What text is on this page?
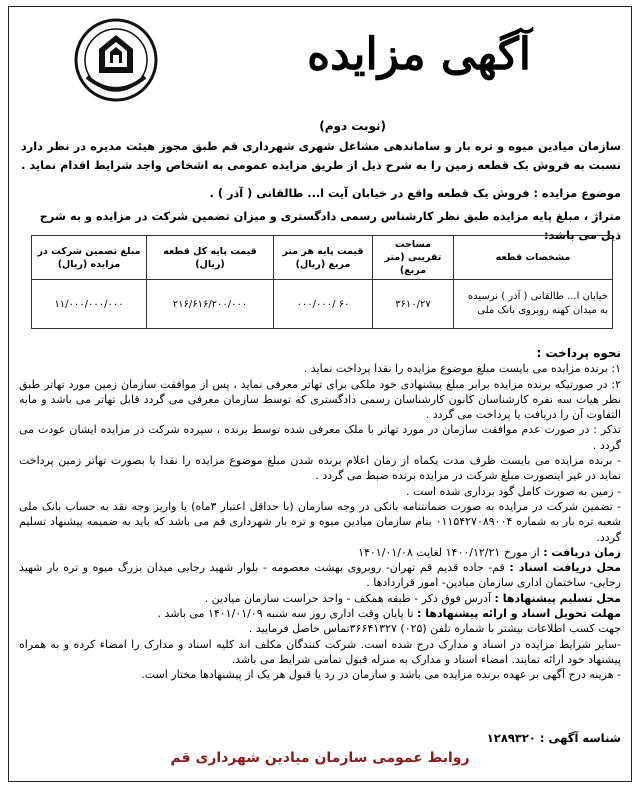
آگهی مزایده
(نوبت دوم)
سازمان میادین میوه و تره بار و ساماندهی مشاغل شهری شهرداری قم طبق مجوز هیئت مدیره در نظر دارد نسبت به فروش یک قطعه زمین را به شرح ذیل از طریق مزایده عمومی به اشخاص واجد شرایط اقدام نماید .
موضوع مزایده : فروش یک قطعه واقع در خیابان آیت ا... طالقانی ( آذر ) .
متراژ ، مبلغ پایه مزایده طبق نظر کارشناس رسمی دادگستری و میزان تضمین شرکت در مزایده و به شرح ذیل می باشد:
مشخصات قطعه	مساحت تقریبی (متر مربع)	قیمت پایه هر متر مربع (ریال)	قیمت پایه کل قطعه (ریال)	مبلغ تضمین شرکت در مزایده (ریال)
خیابان ا... طالقانی ( آذر ) نرسیده به میدان کهنه روبروی بانک ملی	۳۶۱۰/۲۷	۶۰ /۰۰۰/۰۰۰	۲۱۶/۶۱۶/۲۰۰/۰۰۰	۱۱/۰۰۰/۰۰۰/۰۰۰

نحوه پرداخت :

۱: برنده مزایده می بایست مبلغ موضوع مزایده را نقدا پرداخت نماید .

۲: در صورتیکه برنده مزایده برابر مبلغ پیشنهادی خود ملکی برای تهاتر معرفی نماید ، پس از موافقت سازمان زمین مورد تهاتر طبق نظر هیات سه نفره کارشناسان کانون کارشناسان رسمی دادگستری که توسط سازمان معرفی می گردد قابل تهاتر می باشد و مابه التفاوت آن را دریافت یا پرداخت می گردد .

تذکر : در صورت عدم موافقت سازمان در مورد تهاتر با ملک معرفی شده توسط برنده ، سپرده شرکت در مزایده ایشان عودت می گردد .

- برنده مزایده می بایست ظرف مدت یکماه از زمان اعلام برنده شدن مبلغ موضوع مزایده را نقدا یا بصورت تهاتر زمین پرداخت نماید در غیر اینصورت مبلغ شرکت در مزایده برنده ضبط می گردد .

- زمین به صورت کامل گود برداری شده است .

- تضمین شرکت در مزایده به صورت ضمانتنامه بانکی در وجه سازمان (با حداقل اعتبار ۳ماه) یا واریز وجه نقد به حساب بانک ملی شعبه تره بار به شماره ۰۱۱۵۴۲۷۰۸۹۰۰۴ بنام سازمان میادین میوه و تره بار شهرداری قم می باشد که باید به ضمیمه پیشنهاد تسلیم گردد.

زمان دریافت : از مورخ ۱۴۰۰/۱۲/۲۱ لغایت ۱۴۰۱/۰۱/۰۸

محل دریافت اسناد : قم- جاده قدیم قم تهران- روبروی بهشت معصومه - بلوار شهید رجایی میدان بزرگ میوه و تره بار شهید رجایی- ساختمان اداری سازمان میادین- امور قراردادها .

محل تسلیم پیشنهادها : آدرس فوق ذکر - طبقه همکف - واحد حراست سازمان میادین .

مهلت تحویل اسناد و ارائه پیشنهادها : تا پایان وقت اداری روز سه شنبه ۱۴۰۱/۰۱/۰۹ می باشد .

جهت کسب اطلاعات بیشتر با شماره تلفن (۰۲۵) ۳۶۶۴۱۳۲۷تماس حاصل فرمایید .

-سایر شرایط مزایده در اسناد و مدارک درج شده است. شرکت کنندگان مکلف اند کلیه اسناد و مدارک را امضاء کرده و به همراه پیشنهاد خود ارائه نمایند. امضاء اسناد و مدارک به منزله قبول تمامی شرایط می باشد.

- هزینه درج آگهی بر عهده برنده مزایده می باشد و سازمان در رد یا قبول هر یک از پیشنهادها مختار است.

شناسه آگهی : ۱۲۸۹۳۲۰
روابط عمومی سازمان میادین شهرداری قم
